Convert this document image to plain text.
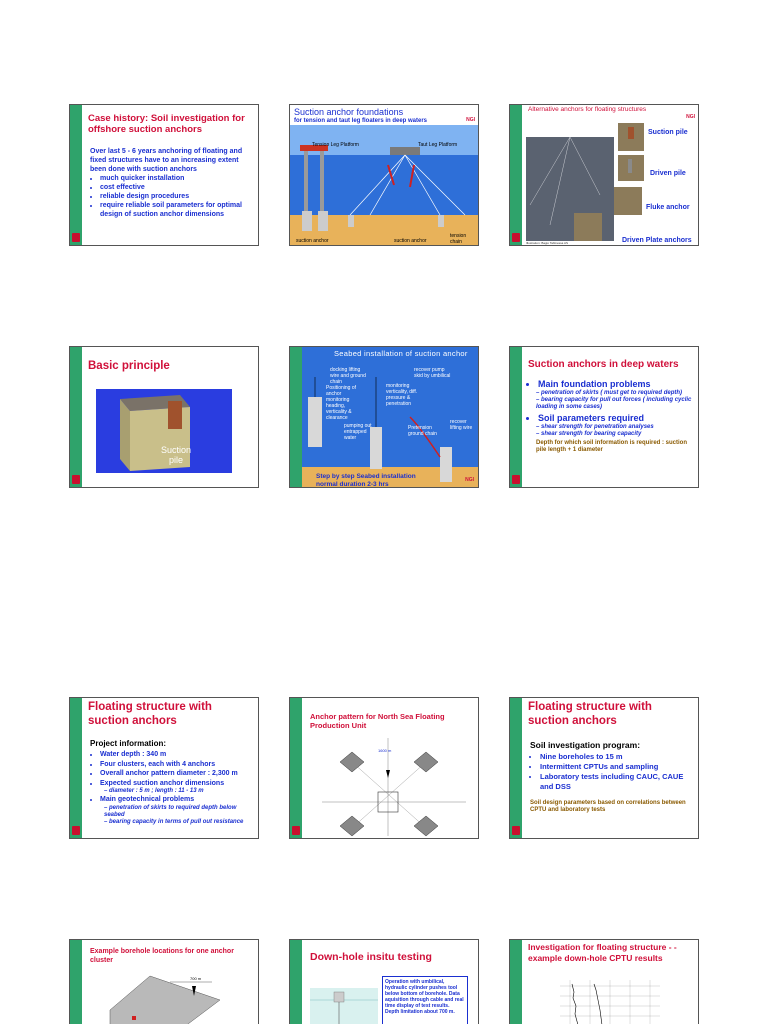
Case history: Soil investigation for offshore suction anchors
Over last 5 - 6 years anchoring of floating and fixed structures have to an increasing extent been done with suction anchors
• much quicker installation
• cost effective
• reliable design procedures
• require reliable soil parameters for optimal design of suction anchor dimensions
Suction anchor foundations
for tension and taut leg floaters in deep waters	NGI
Tension Leg Platform	Taut Leg Platform
suction anchor	suction anchor
tension chain
Alternative anchors for floating structures
NGI
Suction pile
Driven pile
Fluke anchor
Driven Plate anchors
Illustration: Bagio Tablnessa AS
Basic principle
Suction pile
Seabed installation of suction anchor
docking lifting wire and ground chain
recover pump skid by umbilical
Positioning of anchor monitoring heading, verticality & clearance
monitoring verticality, diff. pressure & penetration
pumping out entrapped water
Pretension ground chain
recover lifting wire
Step by step Seabed installation
normal duration 2-3 hrs
NGI
Suction anchors in deep waters
• Main foundation problems
– penetration of skirts ( must get to required depth)
– bearing capacity for pull out forces ( including cyclic loading in some cases)
• Soil parameters required
– shear strength for penetration analyses
– shear strength for bearing capacity
Depth for which soil information is required : suction pile length + 1 diameter
Floating structure with suction anchors
Project information:
• Water depth : 340 m
• Four clusters, each with 4 anchors
• Overall anchor pattern diameter : 2,300 m
• Expected suction anchor dimensions
– diameter : 5 m ; length : 11 - 13 m
• Main geotechnical problems
– penetration of skirts to required depth below seabed
– bearing capacity in terms of pull out resistance
Anchor pattern for North Sea Floating Production Unit
1600 m
Floating structure with suction anchors
Soil investigation program:
• Nine boreholes to 15 m
• Intermittent CPTUs and sampling
• Laboratory tests including CAUC, CAUE and DSS
Soil design parameters based on correlations between CPTU and laboratory tests
Example borehole locations for one anchor cluster
700 m
Down-hole insitu testing
Operation with umbilical, hydraulic cylinder pushes tool below bottom of borehole. Data aquisition through cable and real time display of test results. Depth limitation about 700 m.
Investigation for floating structure - - example down-hole CPTU results
